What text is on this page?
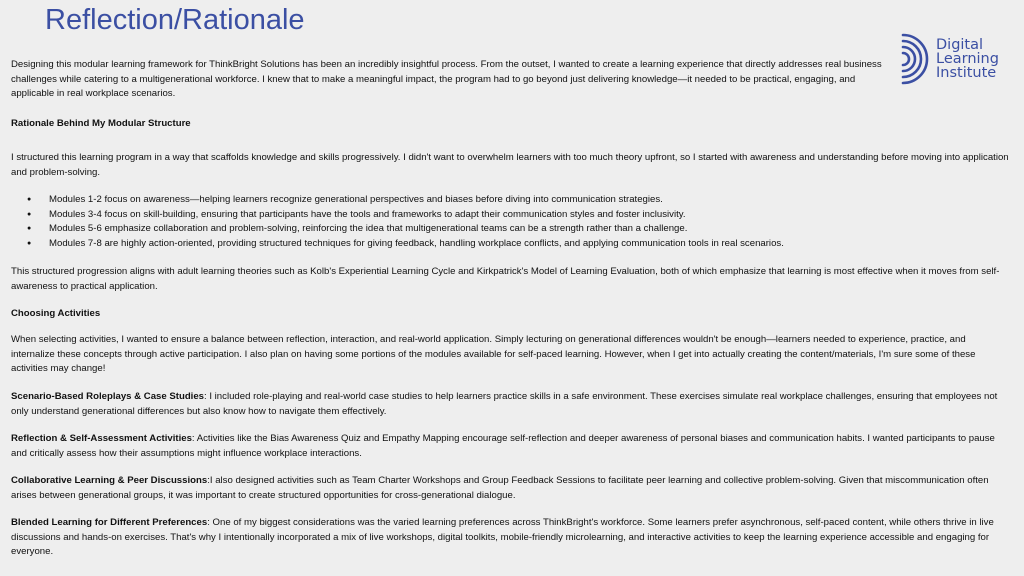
Reflection/Rationale
Digital
Learning
Institute

Designing this modular learning framework for ThinkBright Solutions has been an incredibly insightful process. From the outset, I wanted to create a learning experience that directly addresses real business challenges while catering to a multigenerational workforce. I knew that to make a meaningful impact, the program had to go beyond just delivering knowledge—it needed to be practical, engaging, and applicable in real workplace scenarios.

Rationale Behind My Modular Structure

I structured this learning program in a way that scaffolds knowledge and skills progressively. I didn't want to overwhelm learners with too much theory upfront, so I started with awareness and understanding before moving into application and problem-solving.

● Modules 1-2 focus on awareness—helping learners recognize generational perspectives and biases before diving into communication strategies.
● Modules 3-4 focus on skill-building, ensuring that participants have the tools and frameworks to adapt their communication styles and foster inclusivity.
● Modules 5-6 emphasize collaboration and problem-solving, reinforcing the idea that multigenerational teams can be a strength rather than a challenge.
● Modules 7-8 are highly action-oriented, providing structured techniques for giving feedback, handling workplace conflicts, and applying communication tools in real scenarios.

This structured progression aligns with adult learning theories such as Kolb's Experiential Learning Cycle and Kirkpatrick's Model of Learning Evaluation, both of which emphasize that learning is most effective when it moves from self-awareness to practical application.

Choosing Activities

When selecting activities, I wanted to ensure a balance between reflection, interaction, and real-world application. Simply lecturing on generational differences wouldn't be enough—learners needed to experience, practice, and internalize these concepts through active participation. I also plan on having some portions of the modules available for self-paced learning. However, when I get into actually creating the content/materials, I'm sure some of these activities may change!

Scenario-Based Roleplays & Case Studies: I included role-playing and real-world case studies to help learners practice skills in a safe environment. These exercises simulate real workplace challenges, ensuring that employees not only understand generational differences but also know how to navigate them effectively.

Reflection & Self-Assessment Activities: Activities like the Bias Awareness Quiz and Empathy Mapping encourage self-reflection and deeper awareness of personal biases and communication habits. I wanted participants to pause and critically assess how their assumptions might influence workplace interactions.

Collaborative Learning & Peer Discussions:I also designed activities such as Team Charter Workshops and Group Feedback Sessions to facilitate peer learning and collective problem-solving. Given that miscommunication often arises between generational groups, it was important to create structured opportunities for cross-generational dialogue.

Blended Learning for Different Preferences: One of my biggest considerations was the varied learning preferences across ThinkBright's workforce. Some learners prefer asynchronous, self-paced content, while others thrive in live discussions and hands-on exercises. That's why I intentionally incorporated a mix of live workshops, digital toolkits, mobile-friendly microlearning, and interactive activities to keep the learning experience accessible and engaging for everyone.
